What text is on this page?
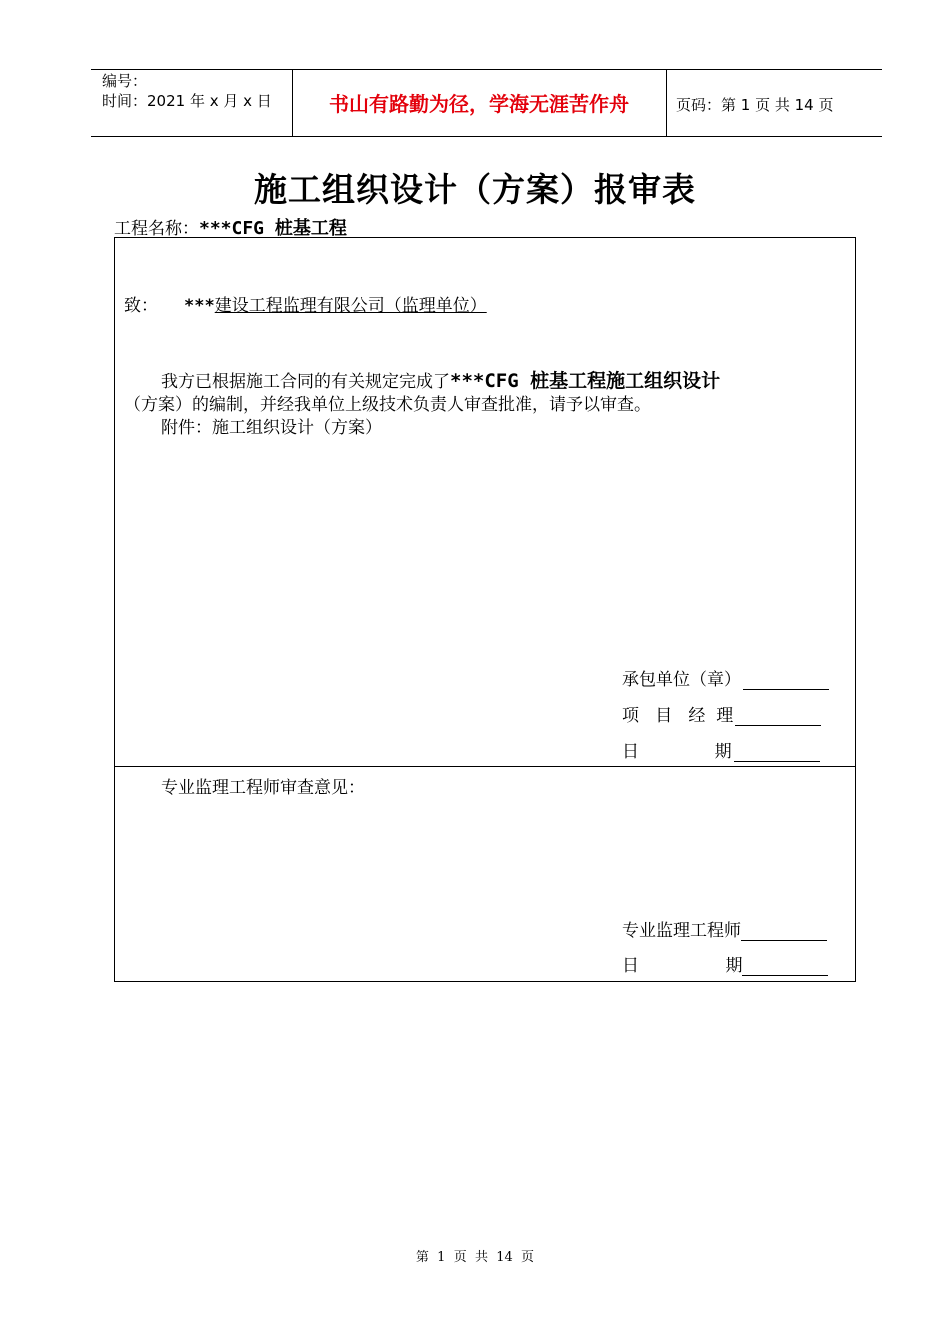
编号：
时间：2021 年 x 月 x 日	书山有路勤为径，学海无涯苦作舟	页码：第 1 页 共 14 页
施工组织设计（方案）报审表
工程名称：***CFG 桩基工程
致： ***建设工程监理有限公司（监理单位）
我方已根据施工合同的有关规定完成了***CFG 桩基工程施工组织设计
（方案）的编制，并经我单位上级技术负责人审查批准，请予以审查。
附件：施工组织设计（方案）
承包单位（章）
项   目   经  理
日              期
专业监理工程师审查意见：
专业监理工程师
日                期
第  1  页  共  14  页
